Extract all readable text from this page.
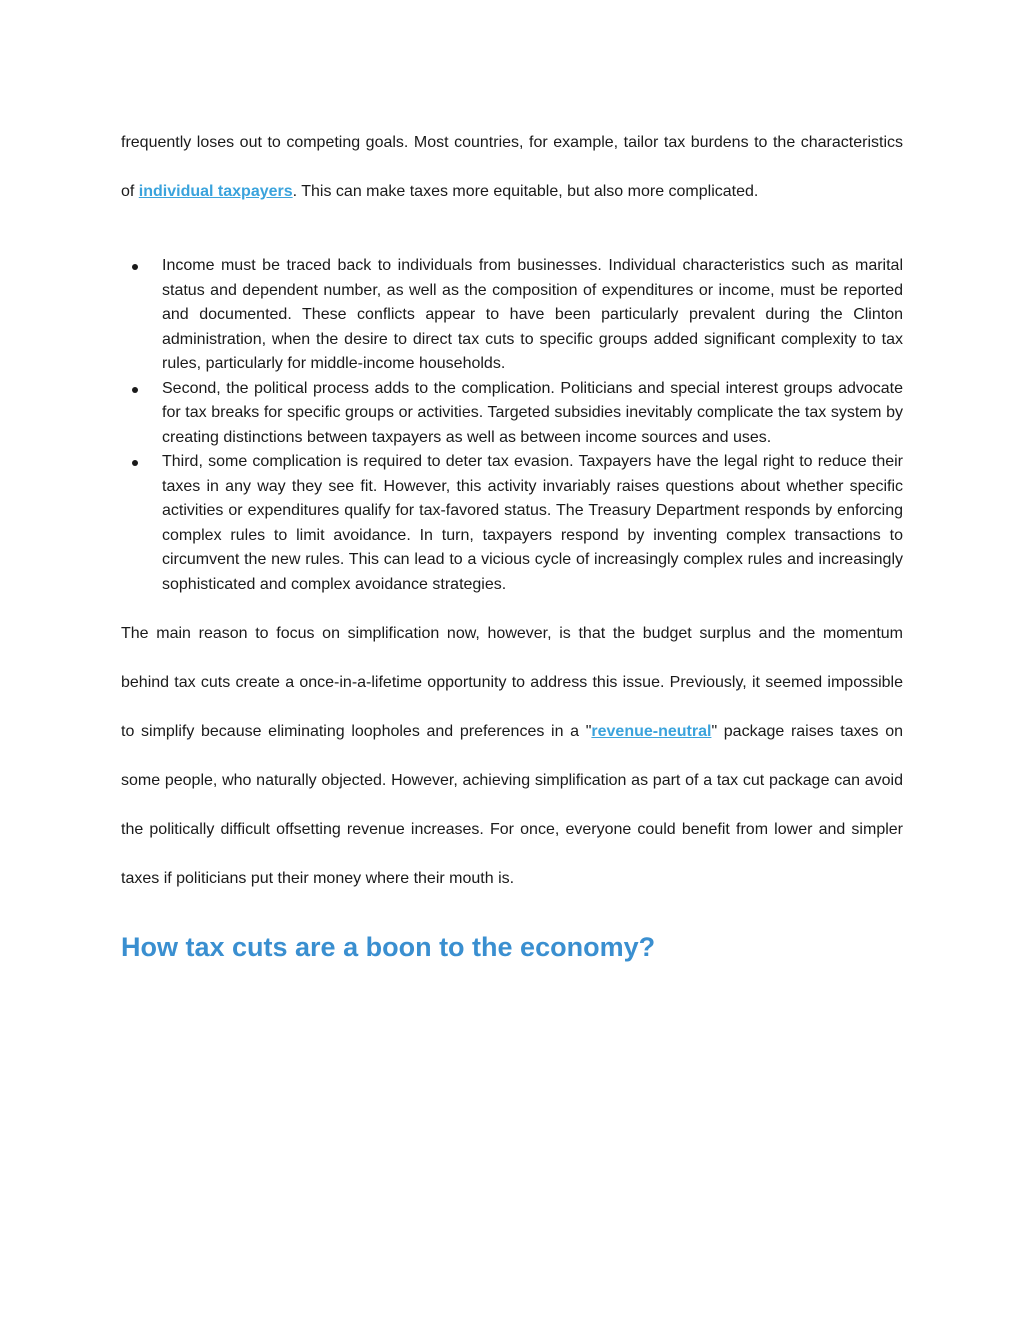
frequently loses out to competing goals. Most countries, for example, tailor tax burdens to the characteristics of individual taxpayers. This can make taxes more equitable, but also more complicated.

Income must be traced back to individuals from businesses. Individual characteristics such as marital status and dependent number, as well as the composition of expenditures or income, must be reported and documented. These conflicts appear to have been particularly prevalent during the Clinton administration, when the desire to direct tax cuts to specific groups added significant complexity to tax rules, particularly for middle-income households.
Second, the political process adds to the complication. Politicians and special interest groups advocate for tax breaks for specific groups or activities. Targeted subsidies inevitably complicate the tax system by creating distinctions between taxpayers as well as between income sources and uses.
Third, some complication is required to deter tax evasion. Taxpayers have the legal right to reduce their taxes in any way they see fit. However, this activity invariably raises questions about whether specific activities or expenditures qualify for tax-favored status. The Treasury Department responds by enforcing complex rules to limit avoidance. In turn, taxpayers respond by inventing complex transactions to circumvent the new rules. This can lead to a vicious cycle of increasingly complex rules and increasingly sophisticated and complex avoidance strategies.

The main reason to focus on simplification now, however, is that the budget surplus and the momentum behind tax cuts create a once-in-a-lifetime opportunity to address this issue. Previously, it seemed impossible to simplify because eliminating loopholes and preferences in a "revenue-neutral" package raises taxes on some people, who naturally objected. However, achieving simplification as part of a tax cut package can avoid the politically difficult offsetting revenue increases. For once, everyone could benefit from lower and simpler taxes if politicians put their money where their mouth is.

How tax cuts are a boon to the economy?
